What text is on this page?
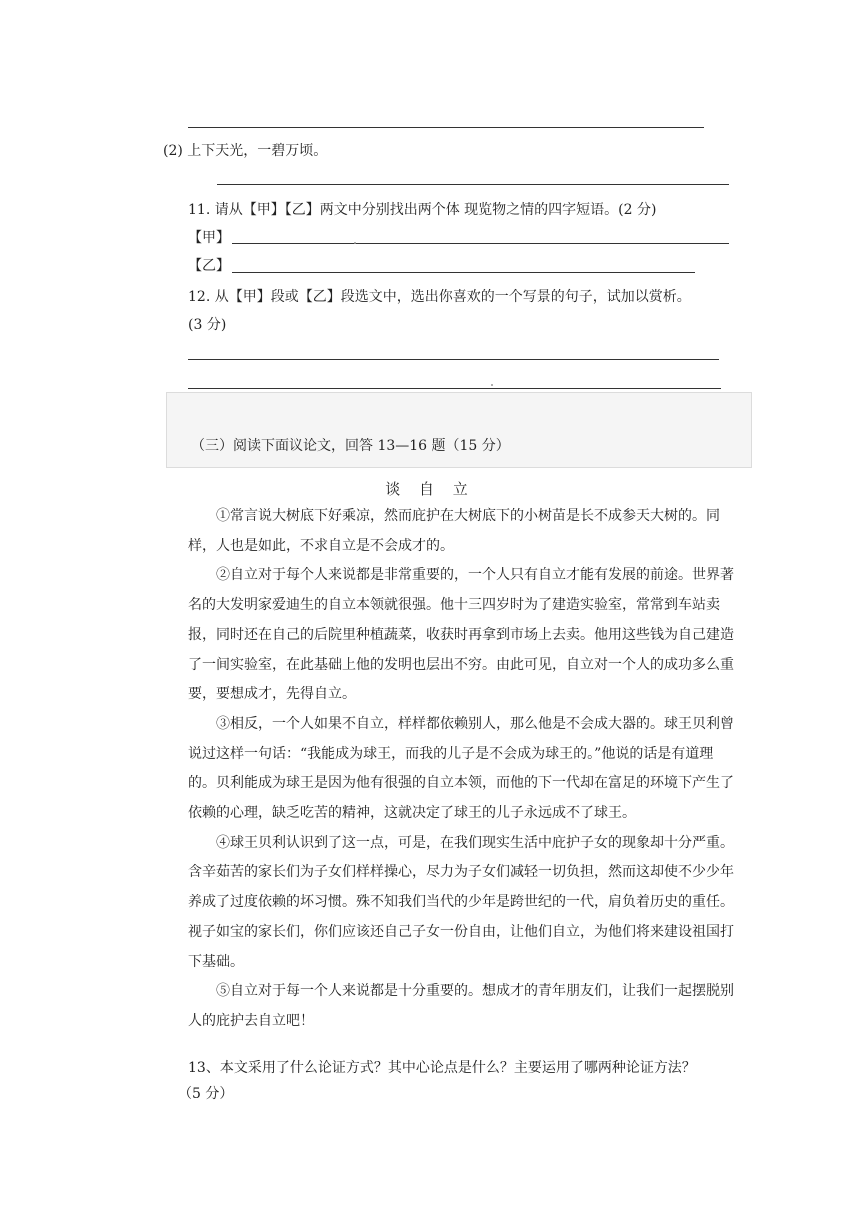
(2) 上下天光，一碧万顷。
11. 请从【甲】【乙】两文中分别找出两个体 现览物之情的四字短语。(2 分)
【甲】
【乙】
12. 从【甲】段或【乙】段选文中，选出你喜欢的一个写景的句子，试加以赏析。
(3 分)
（三）阅读下面议论文，回答 13—16 题（15 分）
谈 自 立

①常言说大树底下好乘凉，然而庇护在大树底下的小树苗是长不成参天大树的。同样，人也是如此，不求自立是不会成才的。

②自立对于每个人来说都是非常重要的，一个人只有自立才能有发展的前途。世界著名的大发明家爱迪生的自立本领就很强。他十三四岁时为了建造实验室，常常到车站卖报，同时还在自己的后院里种植蔬菜，收获时再拿到市场上去卖。他用这些钱为自己建造了一间实验室，在此基础上他的发明也层出不穷。由此可见，自立对一个人的成功多么重要，要想成才，先得自立。

③相反，一个人如果不自立，样样都依赖别人，那么他是不会成大器的。球王贝利曾说过这样一句话：“我能成为球王，而我的儿子是不会成为球王的。”他说的话是有道理的。贝利能成为球王是因为他有很强的自立本领，而他的下一代却在富足的环境下产生了依赖的心理，缺乏吃苦的精神，这就决定了球王的儿子永远成不了球王。

④球王贝利认识到了这一点，可是，在我们现实生活中庇护子女的现象却十分严重。含辛茹苦的家长们为子女们样样操心，尽力为子女们减轻一切负担，然而这却使不少少年养成了过度依赖的坏习惯。殊不知我们当代的少年是跨世纪的一代，肩负着历史的重任。视子如宝的家长们，你们应该还自己子女一份自由，让他们自立，为他们将来建设祖国打下基础。

⑤自立对于每一个人来说都是十分重要的。想成才的青年朋友们，让我们一起摆脱别人的庇护去自立吧！

13、本文采用了什么论证方式？其中心论点是什么？主要运用了哪两种论证方法？
（5 分）
